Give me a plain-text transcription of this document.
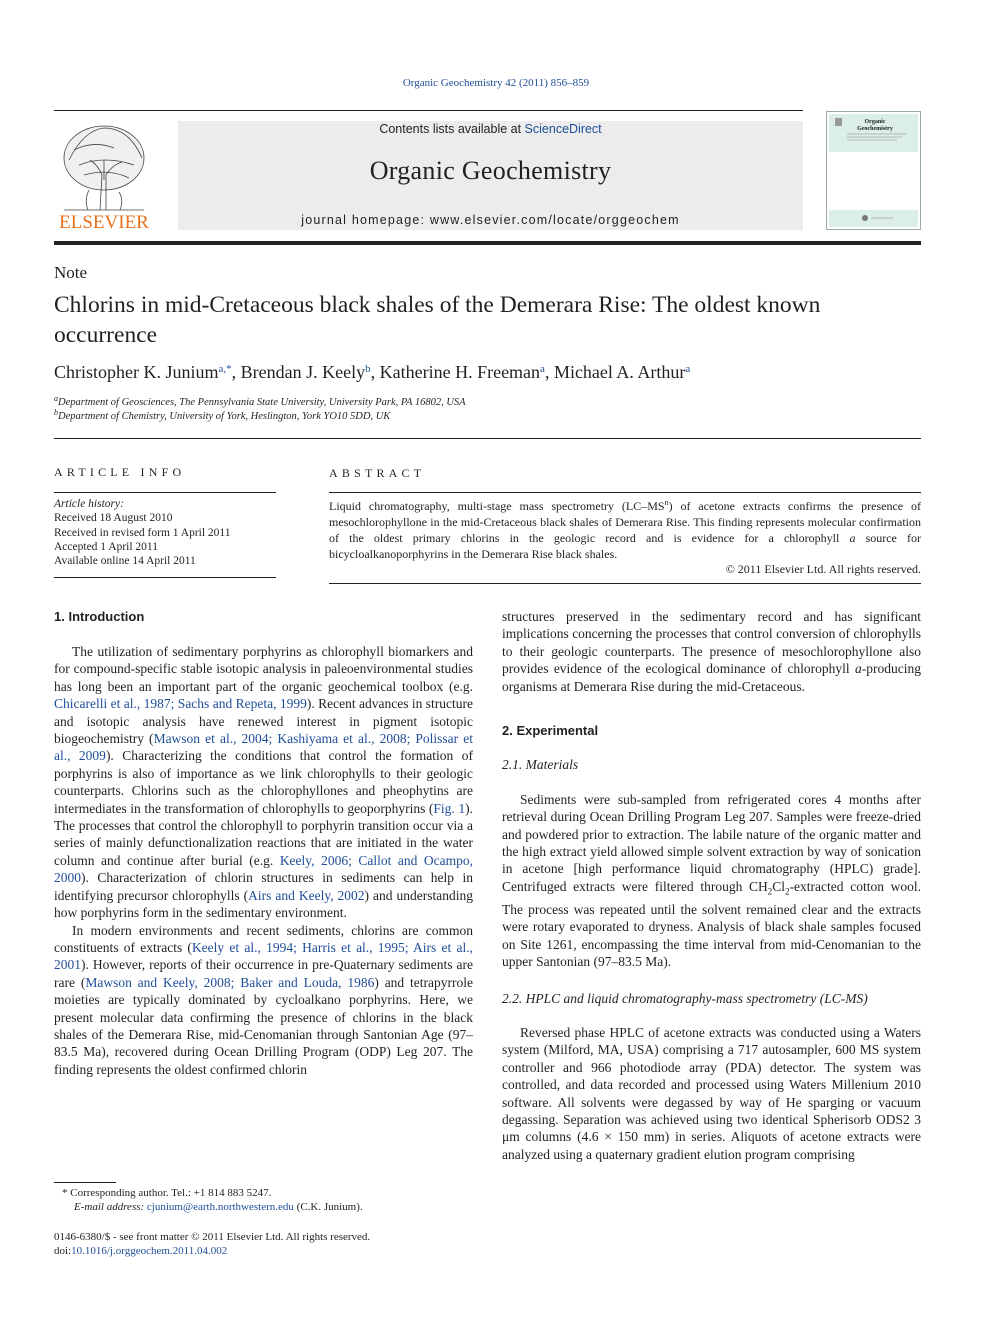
Organic Geochemistry 42 (2011) 856–859
ELSEVIER
Contents lists available at ScienceDirect
Organic Geochemistry
journal homepage: www.elsevier.com/locate/orggeochem
Organic
Geochemistry
Note
Chlorins in mid-Cretaceous black shales of the Demerara Rise: The oldest known occurrence
Christopher K. Junium$^{a,*}$, Brendan J. Keely$^b$, Katherine H. Freeman$^a$, Michael A. Arthur$^a$
$^a$Department of Geosciences, The Pennsylvania State University, University Park, PA 16802, USA
$^b$Department of Chemistry, University of York, Heslington, York YO10 5DD, UK
ARTICLE INFO	ABSTRACT
Article history:
Received 18 August 2010
Received in revised form 1 April 2011
Accepted 1 April 2011
Available online 14 April 2011
Liquid chromatography, multi-stage mass spectrometry $(LC-MS^n)$ of acetone extracts confirms the presence of mesochlorophyllone in the mid-Cretaceous black shales of Demerara Rise. This finding represents molecular confirmation of the oldest primary chlorins in the geologic record and is evidence for a chlorophyll a source for bicycloalkanoporphyrins in the Demerara Rise black shales.
© 2011 Elsevier Ltd. All rights reserved.
1. Introduction

The utilization of sedimentary porphyrins as chlorophyll biomarkers and for compound-specific stable isotopic analysis in paleoenvironmental studies has long been an important part of the organic geochemical toolbox (e.g. Chicarelli et al., 1987; Sachs and Repeta, 1999). Recent advances in structure and isotopic analysis have renewed interest in pigment isotopic biogeochemistry (Mawson et al., 2004; Kashiyama et al., 2008; Polissar et al., 2009). Characterizing the conditions that control the formation of porphyrins is also of importance as we link chlorophylls to their geologic counterparts. Chlorins such as the chlorophyllones and pheophytins are intermediates in the transformation of chlorophylls to geoporphyrins (Fig. 1). The processes that control the chlorophyll to porphyrin transition occur via a series of mainly defunctionalization reactions that are initiated in the water column and continue after burial (e.g. Keely, 2006; Callot and Ocampo, 2000). Characterization of chlorin structures in sediments can help in identifying precursor chlorophylls (Airs and Keely, 2002) and understanding how porphyrins form in the sedimentary environment.

In modern environments and recent sediments, chlorins are common constituents of extracts (Keely et al., 1994; Harris et al., 1995; Airs et al., 2001). However, reports of their occurrence in pre-Quaternary sediments are rare (Mawson and Keely, 2008; Baker and Louda, 1986) and tetrapyrrole moieties are typically dominated by cycloalkano porphyrins. Here, we present molecular data confirming the presence of chlorins in the black shales of the Demerara Rise, mid-Cenomanian through Santonian Age (97–83.5 Ma), recovered during Ocean Drilling Program (ODP) Leg 207. The finding represents the oldest confirmed chlorin

structures preserved in the sedimentary record and has significant implications concerning the processes that control conversion of chlorophylls to their geologic counterparts. The presence of mesochlorophyllone also provides evidence of the ecological dominance of chlorophyll a-producing organisms at Demerara Rise during the mid-Cretaceous.

2. Experimental
2.1. Materials

Sediments were sub-sampled from refrigerated cores 4 months after retrieval during Ocean Drilling Program Leg 207. Samples were freeze-dried and powdered prior to extraction. The labile nature of the organic matter and the high extract yield allowed simple solvent extraction by way of sonication in acetone [high performance liquid chromatography (HPLC) grade]. Centrifuged extracts were filtered through $CH_2Cl_2$-extracted cotton wool. The process was repeated until the solvent remained clear and the extracts were rotary evaporated to dryness. Analysis of black shale samples focused on Site 1261, encompassing the time interval from mid-Cenomanian to the upper Santonian (97–83.5 Ma).

2.2. HPLC and liquid chromatography-mass spectrometry (LC-MS)

Reversed phase HPLC of acetone extracts was conducted using a Waters system (Milford, MA, USA) comprising a 717 autosampler, 600 MS system controller and 966 photodiode array (PDA) detector. The system was controlled, and data recorded and processed using Waters Millenium 2010 software. All solvents were degassed by way of He sparging or vacuum degassing. Separation was achieved using two identical Spherisorb ODS2 3 μm columns (4.6 × 150 mm) in series. Aliquots of acetone extracts were analyzed using a quaternary gradient elution program comprising

* Corresponding author. Tel.: +1 814 883 5247.
E-mail address: cjunium@earth.northwestern.edu (C.K. Junium).
0146-6380/$ - see front matter © 2011 Elsevier Ltd. All rights reserved.
doi:10.1016/j.orggeochem.2011.04.002
